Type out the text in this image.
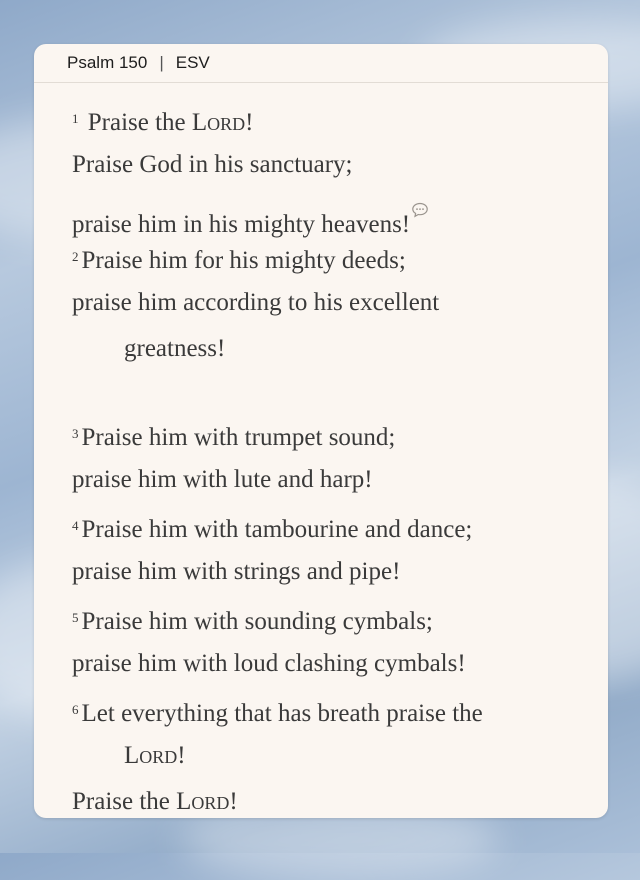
Psalm 150 | ESV
$^1$ Praise the Lord!
Praise God in his sanctuary;
praise him in his mighty heavens!
$^2$ Praise him for his mighty deeds;
praise him according to his excellent
greatness!
$^3$ Praise him with trumpet sound;
praise him with lute and harp!
$^4$ Praise him with tambourine and dance;
praise him with strings and pipe!
$^5$ Praise him with sounding cymbals;
praise him with loud clashing cymbals!
$^6$ Let everything that has breath praise the
Lord!
Praise the Lord!
